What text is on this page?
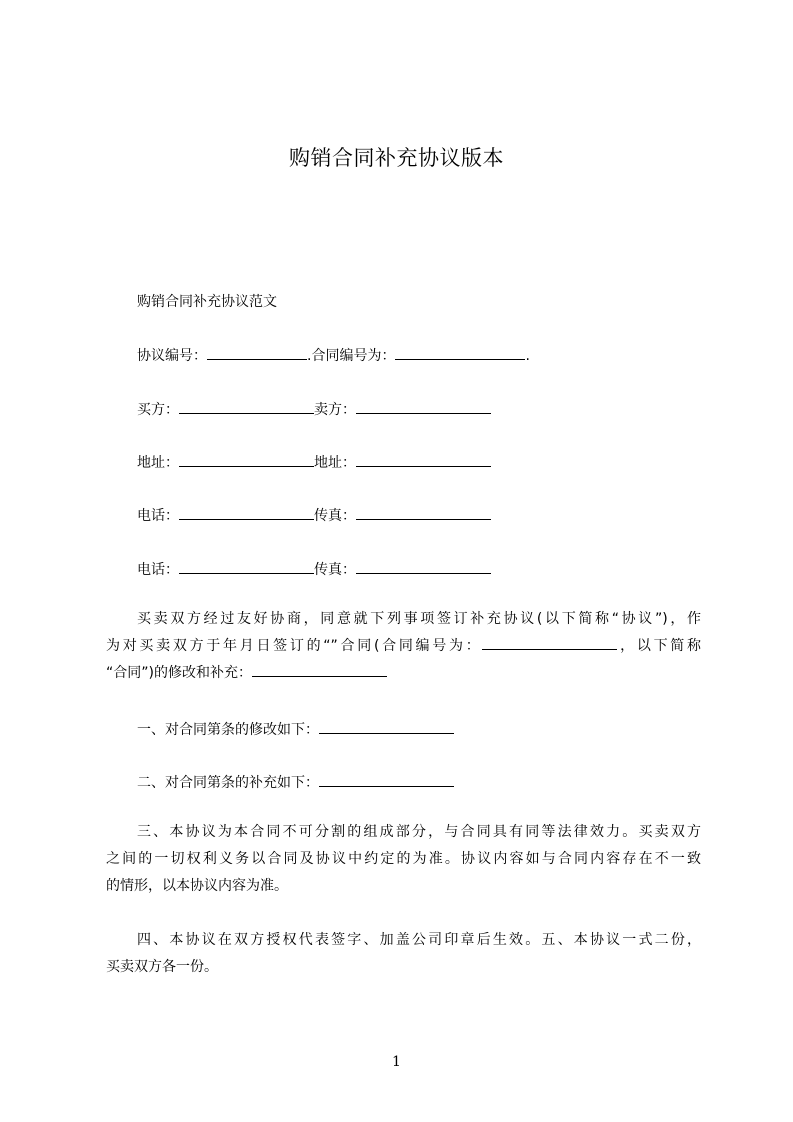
购销合同补充协议版本
购销合同补充协议范文
协议编号：	.合同编号为：	.
买方：	卖方：
地址：	地址：
电话：	传真：
电话：	传真：
买卖双方经过友好协商，同意就下列事项签订补充协议(以下简称“协议”)，作
为对买卖双方于年月日签订的“”合同(合同编号为：	，以下简称
“合同”)的修改和补充：
一、对合同第条的修改如下：
二、对合同第条的补充如下：
三、本协议为本合同不可分割的组成部分，与合同具有同等法律效力。买卖双方
之间的一切权利义务以合同及协议中约定的为准。协议内容如与合同内容存在不一致
的情形，以本协议内容为准。
四、本协议在双方授权代表签字、加盖公司印章后生效。五、本协议一式二份，
买卖双方各一份。
1
